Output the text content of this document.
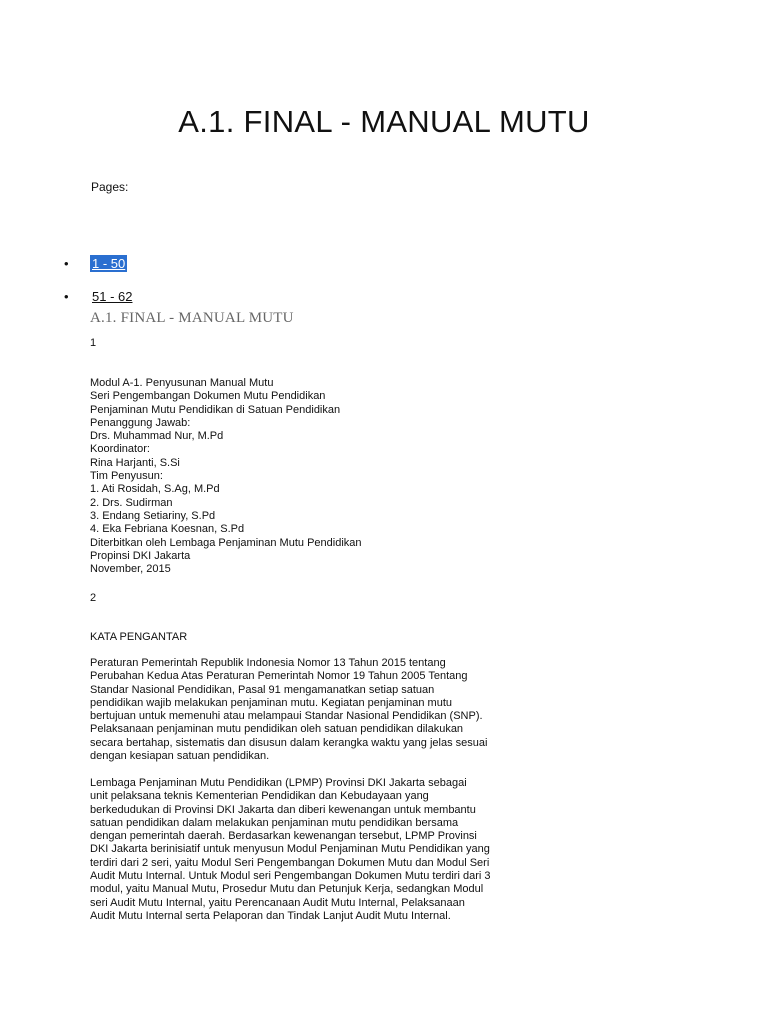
A.1. FINAL - MANUAL MUTU
Pages:
• 1 - 50
• 51 - 62
A.1. FINAL - MANUAL MUTU

1

Modul A-1. Penyusunan Manual Mutu
Seri Pengembangan Dokumen Mutu Pendidikan
Penjaminan Mutu Pendidikan di Satuan Pendidikan
Penanggung Jawab:
Drs. Muhammad Nur, M.Pd
Koordinator:
Rina Harjanti, S.Si
Tim Penyusun:
1. Ati Rosidah, S.Ag, M.Pd
2. Drs. Sudirman
3. Endang Setiariny, S.Pd
4. Eka Febriana Koesnan, S.Pd
Diterbitkan oleh Lembaga Penjaminan Mutu Pendidikan
Propinsi DKI Jakarta
November, 2015

2

KATA PENGANTAR

Peraturan Pemerintah Republik Indonesia Nomor 13 Tahun 2015 tentang
Perubahan Kedua Atas Peraturan Pemerintah Nomor 19 Tahun 2005 Tentang
Standar Nasional Pendidikan, Pasal 91 mengamanatkan setiap satuan
pendidikan wajib melakukan penjaminan mutu. Kegiatan penjaminan mutu
bertujuan untuk memenuhi atau melampaui Standar Nasional Pendidikan (SNP).
Pelaksanaan penjaminan mutu pendidikan oleh satuan pendidikan dilakukan
secara bertahap, sistematis dan disusun dalam kerangka waktu yang jelas sesuai
dengan kesiapan satuan pendidikan.

Lembaga Penjaminan Mutu Pendidikan (LPMP) Provinsi DKI Jakarta sebagai
unit pelaksana teknis Kementerian Pendidikan dan Kebudayaan yang
berkedudukan di Provinsi DKI Jakarta dan diberi kewenangan untuk membantu
satuan pendidikan dalam melakukan penjaminan mutu pendidikan bersama
dengan pemerintah daerah. Berdasarkan kewenangan tersebut, LPMP Provinsi
DKI Jakarta berinisiatif untuk menyusun Modul Penjaminan Mutu Pendidikan yang
terdiri dari 2 seri, yaitu Modul Seri Pengembangan Dokumen Mutu dan Modul Seri
Audit Mutu Internal. Untuk Modul seri Pengembangan Dokumen Mutu terdiri dari 3
modul, yaitu Manual Mutu, Prosedur Mutu dan Petunjuk Kerja, sedangkan Modul
seri Audit Mutu Internal, yaitu Perencanaan Audit Mutu Internal, Pelaksanaan
Audit Mutu Internal serta Pelaporan dan Tindak Lanjut Audit Mutu Internal.
